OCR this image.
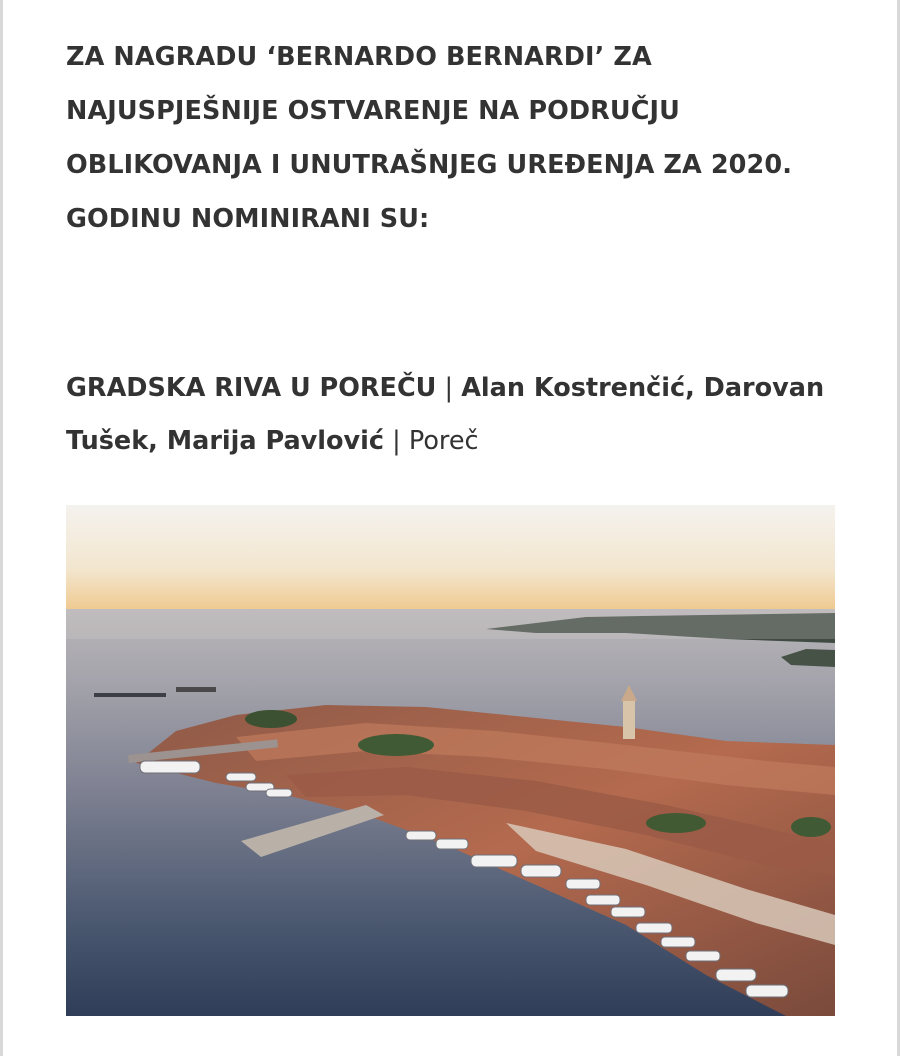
ZA NAGRADU ‘BERNARDO BERNARDI’ ZA NAJUSPJEŠNIJE OSTVARENJE NA PODRUČJU OBLIKOVANJA I UNUTRAŠNJEG UREĐENJA ZA 2020. GODINU NOMINIRANI SU:

GRADSKA RIVA U POREČU | Alan Kostrenčić, Darovan Tušek, Marija Pavlović | Poreč
